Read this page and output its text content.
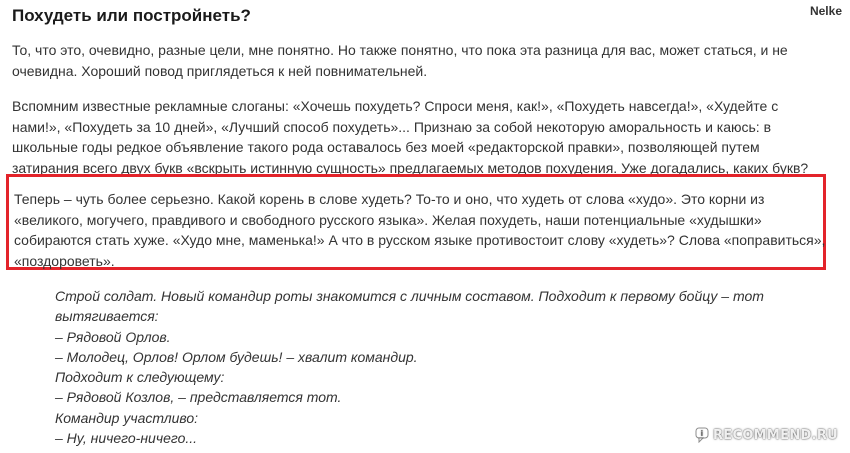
Похудеть или постройнеть?	Nelke
То, что это, очевидно, разные цели, мне понятно. Но также понятно, что пока эта разница для вас, может статься, и не
очевидна. Хороший повод приглядеться к ней повнимательней.
Вспомним известные рекламные слоганы: «Хочешь похудеть? Спроси меня, как!», «Похудеть навсегда!», «Худейте с
нами!», «Похудеть за 10 дней», «Лучший способ похудеть»... Признаю за собой некоторую аморальность и каюсь: в
школьные годы редкое объявление такого рода оставалось без моей «редакторской правки», позволяющей путем
затирания всего двух букв «вскрыть истинную сущность» предлагаемых методов похудения. Уже догадались, каких букв?
Теперь – чуть более серьезно. Какой корень в слове худеть? То-то и оно, что худеть от слова «худо». Это корни из
«великого, могучего, правдивого и свободного русского языка». Желая похудеть, наши потенциальные «худышки»
собираются стать хуже. «Худо мне, маменька!» А что в русском языке противостоит слову «худеть»? Слова «поправиться»,
«поздороветь».
Строй солдат. Новый командир роты знакомится с личным составом. Подходит к первому бойцу – тот
вытягивается:
– Рядовой Орлов.
– Молодец, Орлов! Орлом будешь! – хвалит командир.
Подходит к следующему:
– Рядовой Козлов, – представляется тот.
Командир участливо:
– Ну, ничего-ничего...	i RECOMMEND.RU
